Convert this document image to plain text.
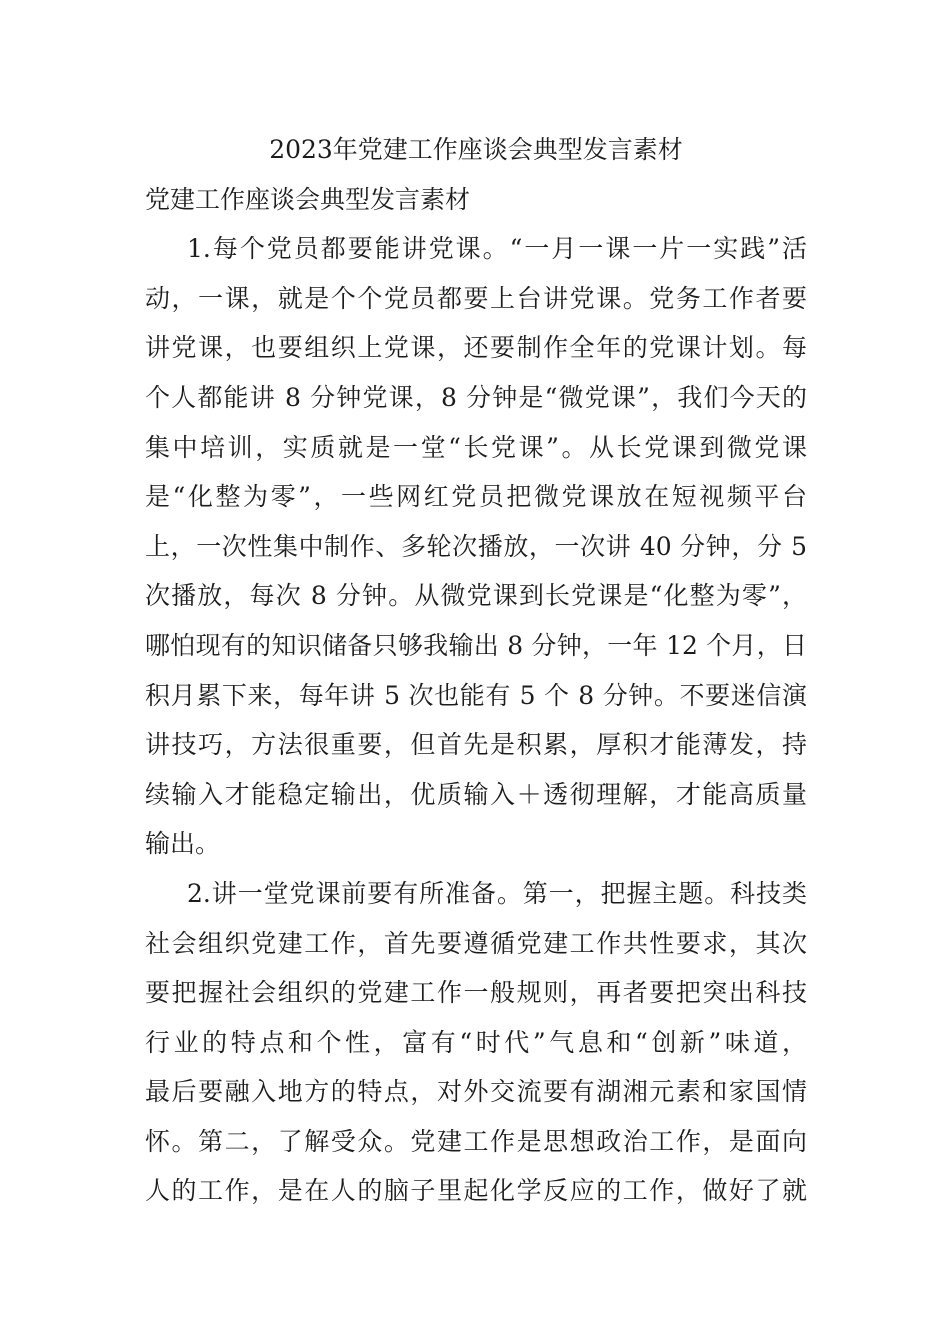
2023年党建工作座谈会典型发言素材
党建工作座谈会典型发言素材
1.每个党员都要能讲党课。“一月一课一片一实践”活
动，一课，就是个个党员都要上台讲党课。党务工作者要
讲党课，也要组织上党课，还要制作全年的党课计划。每
个人都能讲 8 分钟党课，8 分钟是“微党课”，我们今天的
集中培训，实质就是一堂“长党课”。从长党课到微党课
是“化整为零”，一些网红党员把微党课放在短视频平台
上，一次性集中制作、多轮次播放，一次讲 40 分钟，分 5
次播放，每次 8 分钟。从微党课到长党课是“化整为零”，
哪怕现有的知识储备只够我输出 8 分钟，一年 12 个月，日
积月累下来，每年讲 5 次也能有 5 个 8 分钟。不要迷信演
讲技巧，方法很重要，但首先是积累，厚积才能薄发，持
续输入才能稳定输出，优质输入＋透彻理解，才能高质量
输出。
2.讲一堂党课前要有所准备。第一，把握主题。科技类
社会组织党建工作，首先要遵循党建工作共性要求，其次
要把握社会组织的党建工作一般规则，再者要把突出科技
行业的特点和个性，富有“时代”气息和“创新”味道，
最后要融入地方的特点，对外交流要有湖湘元素和家国情
怀。第二，了解受众。党建工作是思想政治工作，是面向
人的工作，是在人的脑子里起化学反应的工作，做好了就
